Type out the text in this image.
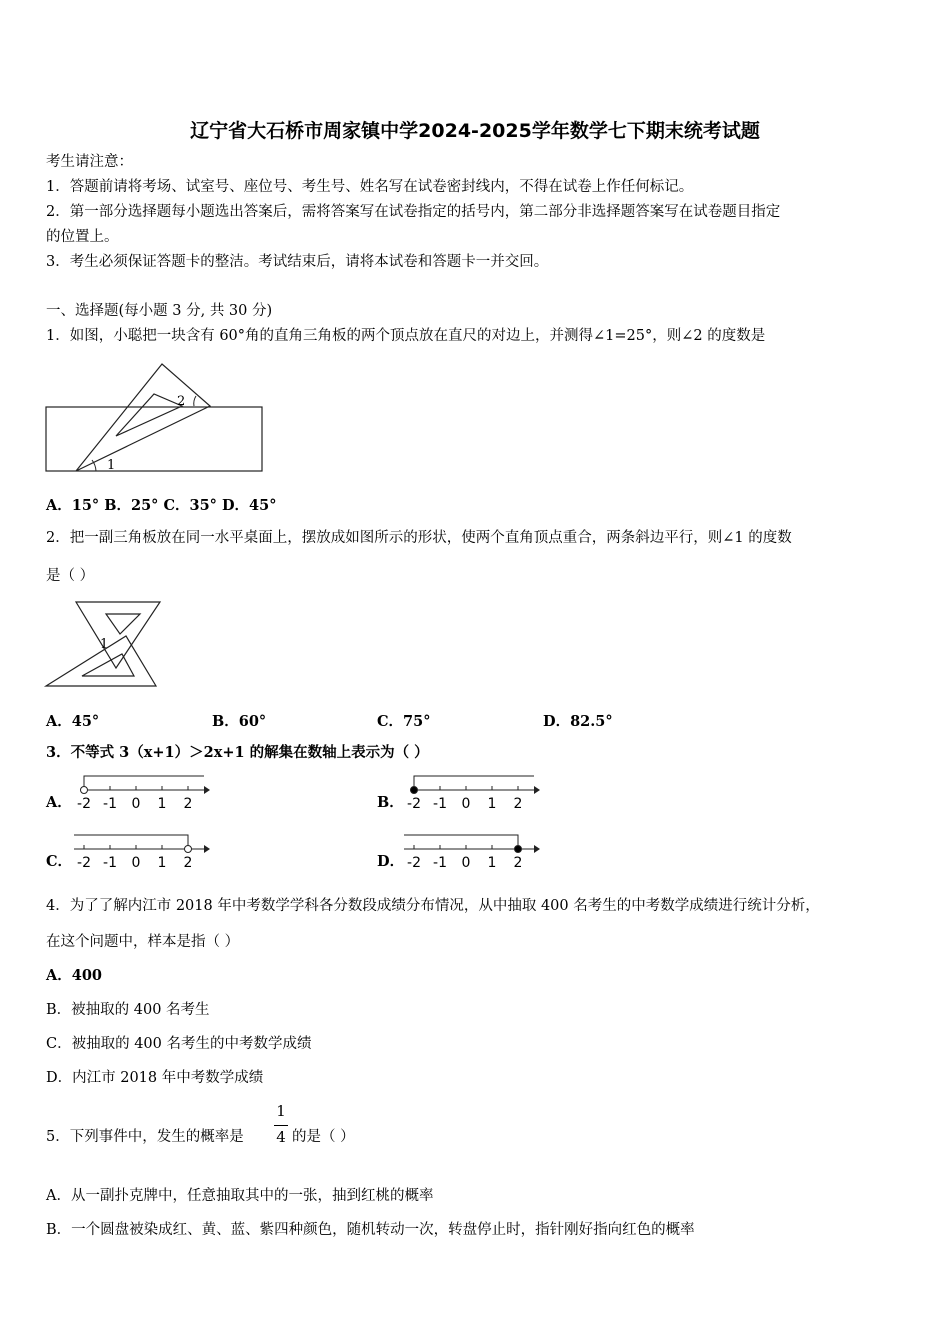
辽宁省大石桥市周家镇中学2024-2025学年数学七下期末统考试题
考生请注意：
1．答题前请将考场、试室号、座位号、考生号、姓名写在试卷密封线内，不得在试卷上作任何标记。
2．第一部分选择题每小题选出答案后，需将答案写在试卷指定的括号内，第二部分非选择题答案写在试卷题目指定
的位置上。
3．考生必须保证答题卡的整洁。考试结束后，请将本试卷和答题卡一并交回。
一、选择题(每小题 3 分, 共 30 分)
1．如图，小聪把一块含有 60°角的直角三角板的两个顶点放在直尺的对边上，并测得∠1=25°，则∠2 的度数是
1
2
A．15° B．25° C．35° D．45°
2．把一副三角板放在同一水平桌面上，摆放成如图所示的形状，使两个直角顶点重合，两条斜边平行，则∠1 的度数
是（ ）
1
A．45°	B．60°	C．75°	D．82.5°
3．不等式 3（x+1）＞2x+1 的解集在数轴上表示为（ ）
A． -2 -1 0 1 2	B． -2 -1 0 1 2
C． -2 -1 0 1 2	D． -2 -1 0 1 2
4．为了了解内江市 2018 年中考数学学科各分数段成绩分布情况，从中抽取 400 名考生的中考数学成绩进行统计分析，
在这个问题中，样本是指（ ）
A．400
B．被抽取的 400 名考生
C．被抽取的 400 名考生的中考数学成绩
D．内江市 2018 年中考数学成绩
5．下列事件中，发生的概率是
1
4 的是（ ）
A．从一副扑克牌中，任意抽取其中的一张，抽到红桃的概率
B．一个圆盘被染成红、黄、蓝、紫四种颜色，随机转动一次，转盘停止时，指针刚好指向红色的概率
